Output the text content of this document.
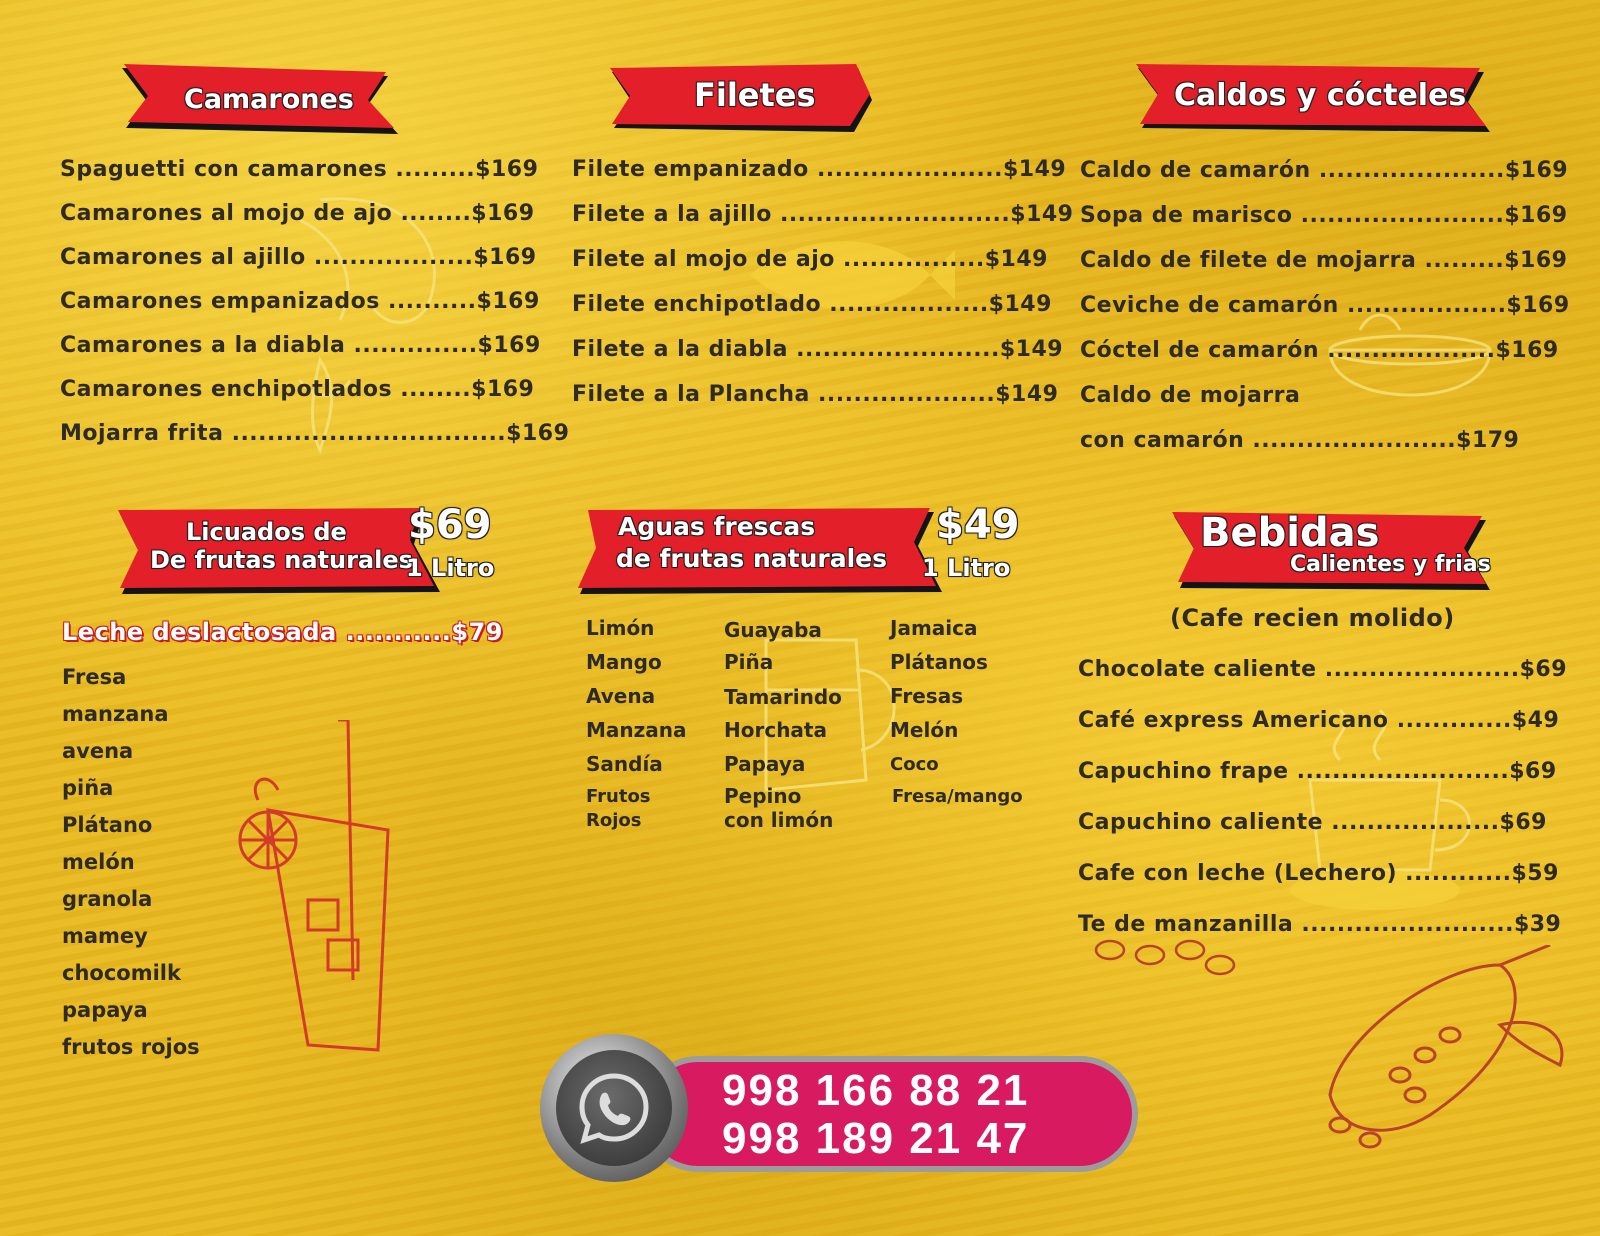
Camarones	Filetes	Caldos y cócteles
Licuados de
De frutas naturales
$69
1 Litro
Aguas frescas
de frutas naturales
$49
1 Litro
Bebidas
Calientes y frias
Spaguetti con camarones .........$169
Camarones al mojo de ajo ........$169
Camarones al ajillo ..................$169
Camarones empanizados ..........$169
Camarones a la diabla ..............$169
Camarones enchipotlados ........$169
Mojarra frita ...............................$169
Filete empanizado .....................$149
Filete a la ajillo ..........................$149
Filete al mojo de ajo ................$149
Filete enchipotlado ..................$149
Filete a la diabla .......................$149
Filete a la Plancha ....................$149
Caldo de camarón .....................$169
Sopa de marisco .......................$169
Caldo de filete de mojarra .........$169
Ceviche de camarón ..................$169
Cóctel de camarón ...................$169
Caldo de mojarra
con camarón .......................$179
Leche deslactosada ...........$79
Fresa
manzana
avena
piña
Plátano
melón
granola
mamey
chocomilk
papaya
frutos rojos
Limón
Mango
Avena
Manzana
Sandía
Frutos
Rojos
Guayaba
Piña
Tamarindo
Horchata
Papaya
Pepino
con limón
Jamaica
Plátanos
Fresas
Melón
Coco
Fresa/mango
(Cafe recien molido)
Chocolate caliente ......................$69
Café express Americano .............$49
Capuchino frape ........................$69
Capuchino caliente ...................$69
Cafe con leche (Lechero) ............$59
Te de manzanilla ........................$39
998 166 88 21
998 189 21 47
